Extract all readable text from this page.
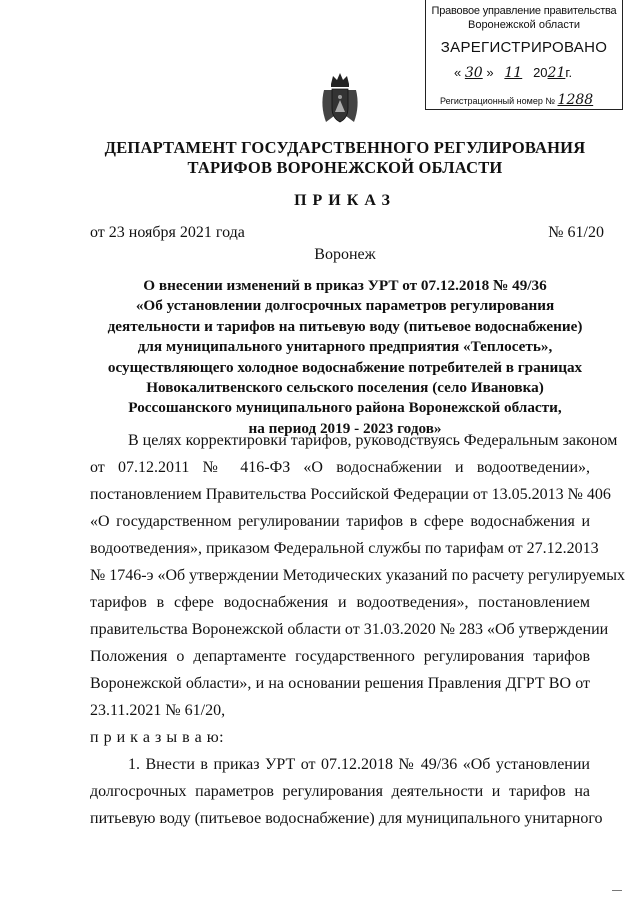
Правовое управление правительства
Воронежской области
ЗАРЕГИСТРИРОВАНО
« 30 » 11 2021г.
Регистрационный номер № 1288
ДЕПАРТАМЕНТ ГОСУДАРСТВЕННОГО РЕГУЛИРОВАНИЯ
ТАРИФОВ ВОРОНЕЖСКОЙ ОБЛАСТИ
ПРИКАЗ
от 23 ноября 2021 года	№ 61/20
Воронеж
О внесении изменений в приказ УРТ от 07.12.2018 № 49/36
«Об установлении долгосрочных параметров регулирования
деятельности и тарифов на питьевую воду (питьевое водоснабжение)
для муниципального унитарного предприятия «Теплосеть»,
осуществляющего холодное водоснабжение потребителей в границах
Новокалитвенского сельского поселения (село Ивановка)
Россошанского муниципального района Воронежской области,
на период 2019 - 2023 годов»
В целях корректировки тарифов, руководствуясь Федеральным законом
от 07.12.2011 № 416-ФЗ «О водоснабжении и водоотведении»,
постановлением Правительства Российской Федерации от 13.05.2013 № 406
«О государственном регулировании тарифов в сфере водоснабжения и
водоотведения», приказом Федеральной службы по тарифам от 27.12.2013
№ 1746-э «Об утверждении Методических указаний по расчету регулируемых
тарифов в сфере водоснабжения и водоотведения», постановлением
правительства Воронежской области от 31.03.2020 № 283 «Об утверждении
Положения о департаменте государственного регулирования тарифов
Воронежской области», и на основании решения Правления ДГРТ ВО от
23.11.2021 № 61/20,
п р и к а з ы в а ю:
1. Внести в приказ УРТ от 07.12.2018 № 49/36 «Об установлении
долгосрочных параметров регулирования деятельности и тарифов на
питьевую воду (питьевое водоснабжение) для муниципального унитарного
